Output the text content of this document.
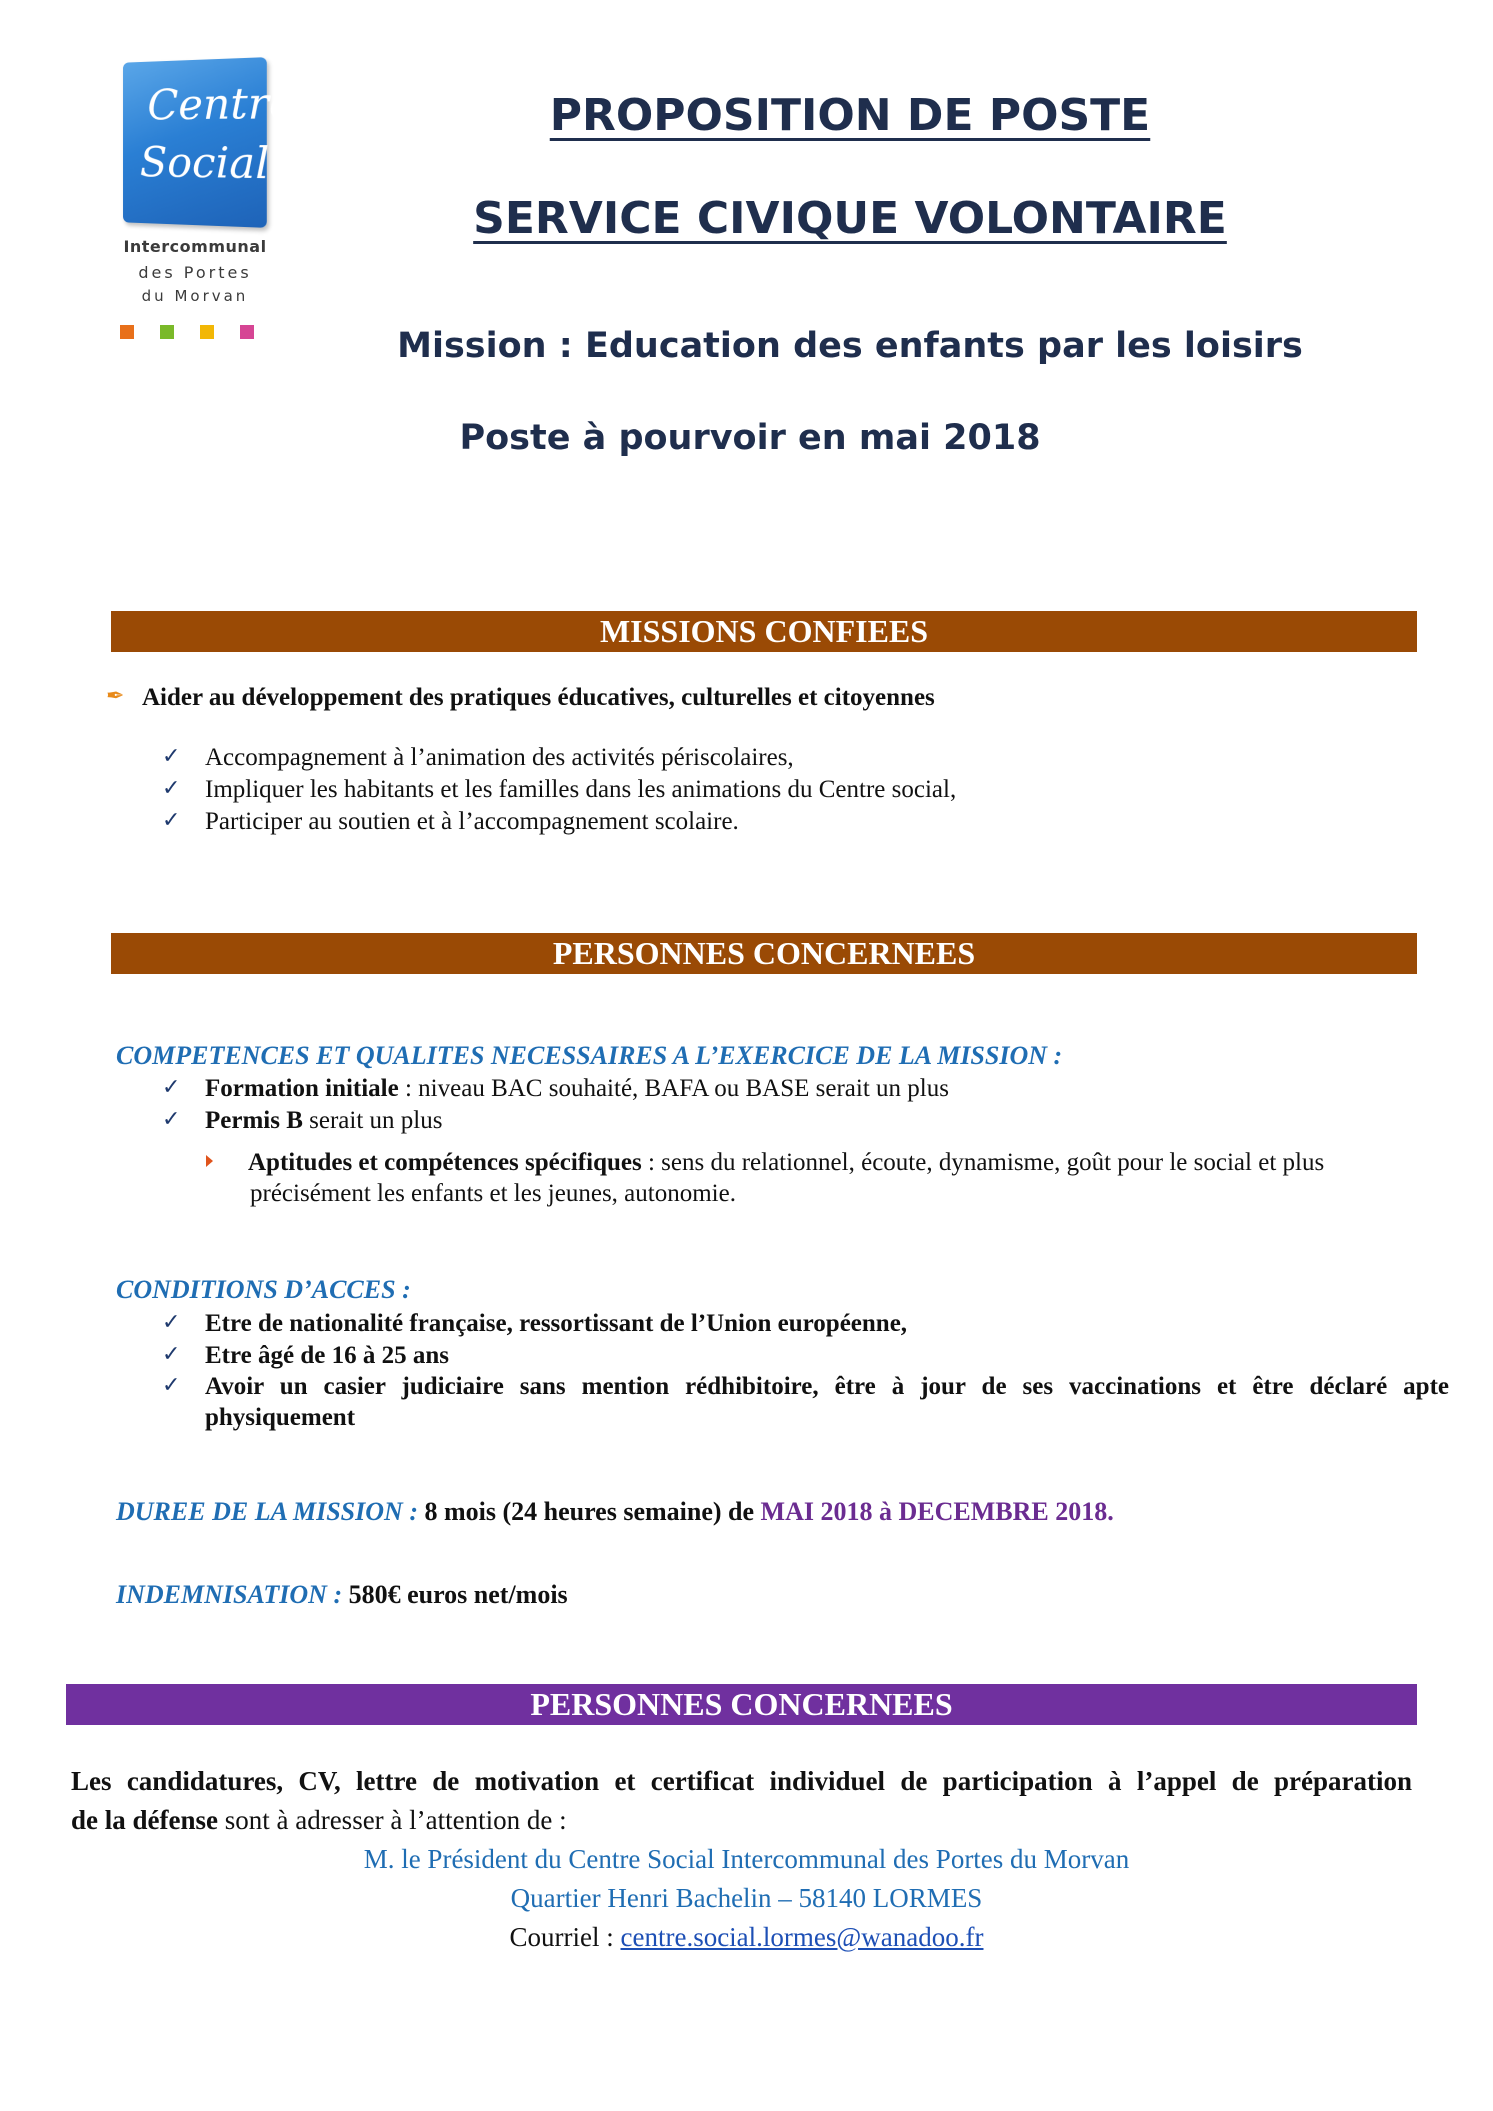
Centre
Social
Intercommunal
des Portes
du Morvan
PROPOSITION DE POSTE
SERVICE CIVIQUE VOLONTAIRE
Mission : Education des enfants par les loisirs
Poste à pourvoir en mai 2018
MISSIONS CONFIEES
✒ Aider au développement des pratiques éducatives, culturelles et citoyennes
✓ Accompagnement à l’animation des activités périscolaires,
✓ Impliquer les habitants et les familles dans les animations du Centre social,
✓ Participer au soutien et à l’accompagnement scolaire.
PERSONNES CONCERNEES
COMPETENCES ET QUALITES NECESSAIRES A L’EXERCICE DE LA MISSION :
✓ Formation initiale : niveau BAC souhaité, BAFA ou BASE serait un plus
✓ Permis B serait un plus
Aptitudes et compétences spécifiques : sens du relationnel, écoute, dynamisme, goût pour le social et plus
précisément les enfants et les jeunes, autonomie.
CONDITIONS D’ACCES :
✓ Etre de nationalité française, ressortissant de l’Union européenne,
✓ Etre âgé de 16 à 25 ans
✓ Avoir un casier judiciaire sans mention rédhibitoire, être à jour de ses vaccinations et être déclaré apte
physiquement
DUREE DE LA MISSION : 8 mois (24 heures semaine) de MAI 2018 à DECEMBRE 2018.
INDEMNISATION : 580€ euros net/mois
PERSONNES CONCERNEES
Les candidatures, CV, lettre de motivation et certificat individuel de participation à l’appel de préparation
de la défense sont à adresser à l’attention de :
M. le Président du Centre Social Intercommunal des Portes du Morvan
Quartier Henri Bachelin – 58140 LORMES
Courriel : centre.social.lormes@wanadoo.fr
